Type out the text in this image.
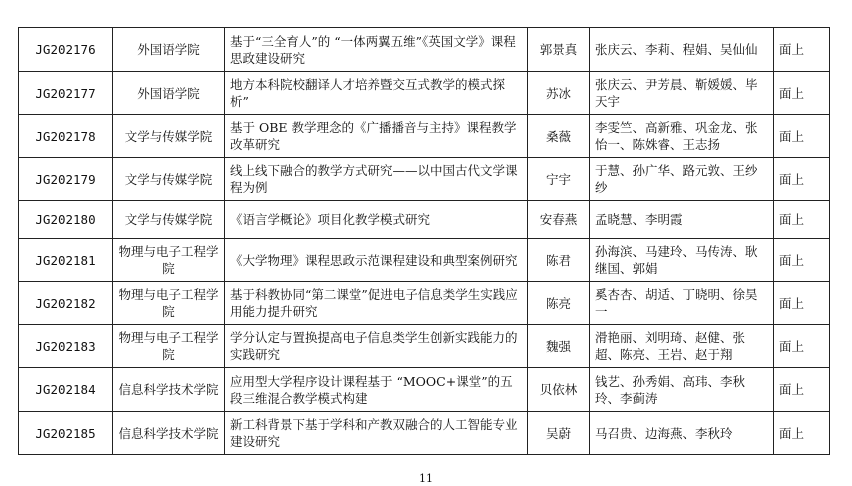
JG202176	外国语学院	基于“三全育人”的 “一体两翼五维”《英国文学》课程思政建设研究	郭景真	张庆云、李莉、程娟、吴仙仙	面上
JG202177	外国语学院	地方本科院校翻译人才培养暨交互式教学的模式探析”	苏冰	张庆云、尹芳晨、靳媛媛、毕天宇	面上
JG202178	文学与传媒学院	基于 OBE 教学理念的《广播播音与主持》课程教学改革研究	桑薇	李雯竺、高新雅、巩金龙、张怡一、陈姝睿、王志扬	面上
JG202179	文学与传媒学院	线上线下融合的教学方式研究——以中国古代文学课程为例	宁宇	于慧、孙广华、路元敦、王纱纱	面上
JG202180	文学与传媒学院	《语言学概论》项目化教学模式研究	安春燕	孟晓慧、李明霞	面上
JG202181	物理与电子工程学院	《大学物理》课程思政示范课程建设和典型案例研究	陈君	孙海滨、马建玲、马传涛、耿继国、郭娟	面上
JG202182	物理与电子工程学院	基于科教协同“第二课堂”促进电子信息类学生实践应用能力提升研究	陈亮	奚杏杏、胡适、丁晓明、徐昊一	面上
JG202183	物理与电子工程学院	学分认定与置换提高电子信息类学生创新实践能力的实践研究	魏强	滑艳丽、刘明琦、赵健、张超、陈亮、王岩、赵于翔	面上
JG202184	信息科学技术学院	应用型大学程序设计课程基于 “MOOC+课堂”的五段三维混合教学模式构建	贝依林	钱艺、孙秀娟、高玮、李秋玲、李蓟涛	面上
JG202185	信息科学技术学院	新工科背景下基于学科和产教双融合的人工智能专业建设研究	吴蔚	马召贵、边海燕、李秋玲	面上
11
